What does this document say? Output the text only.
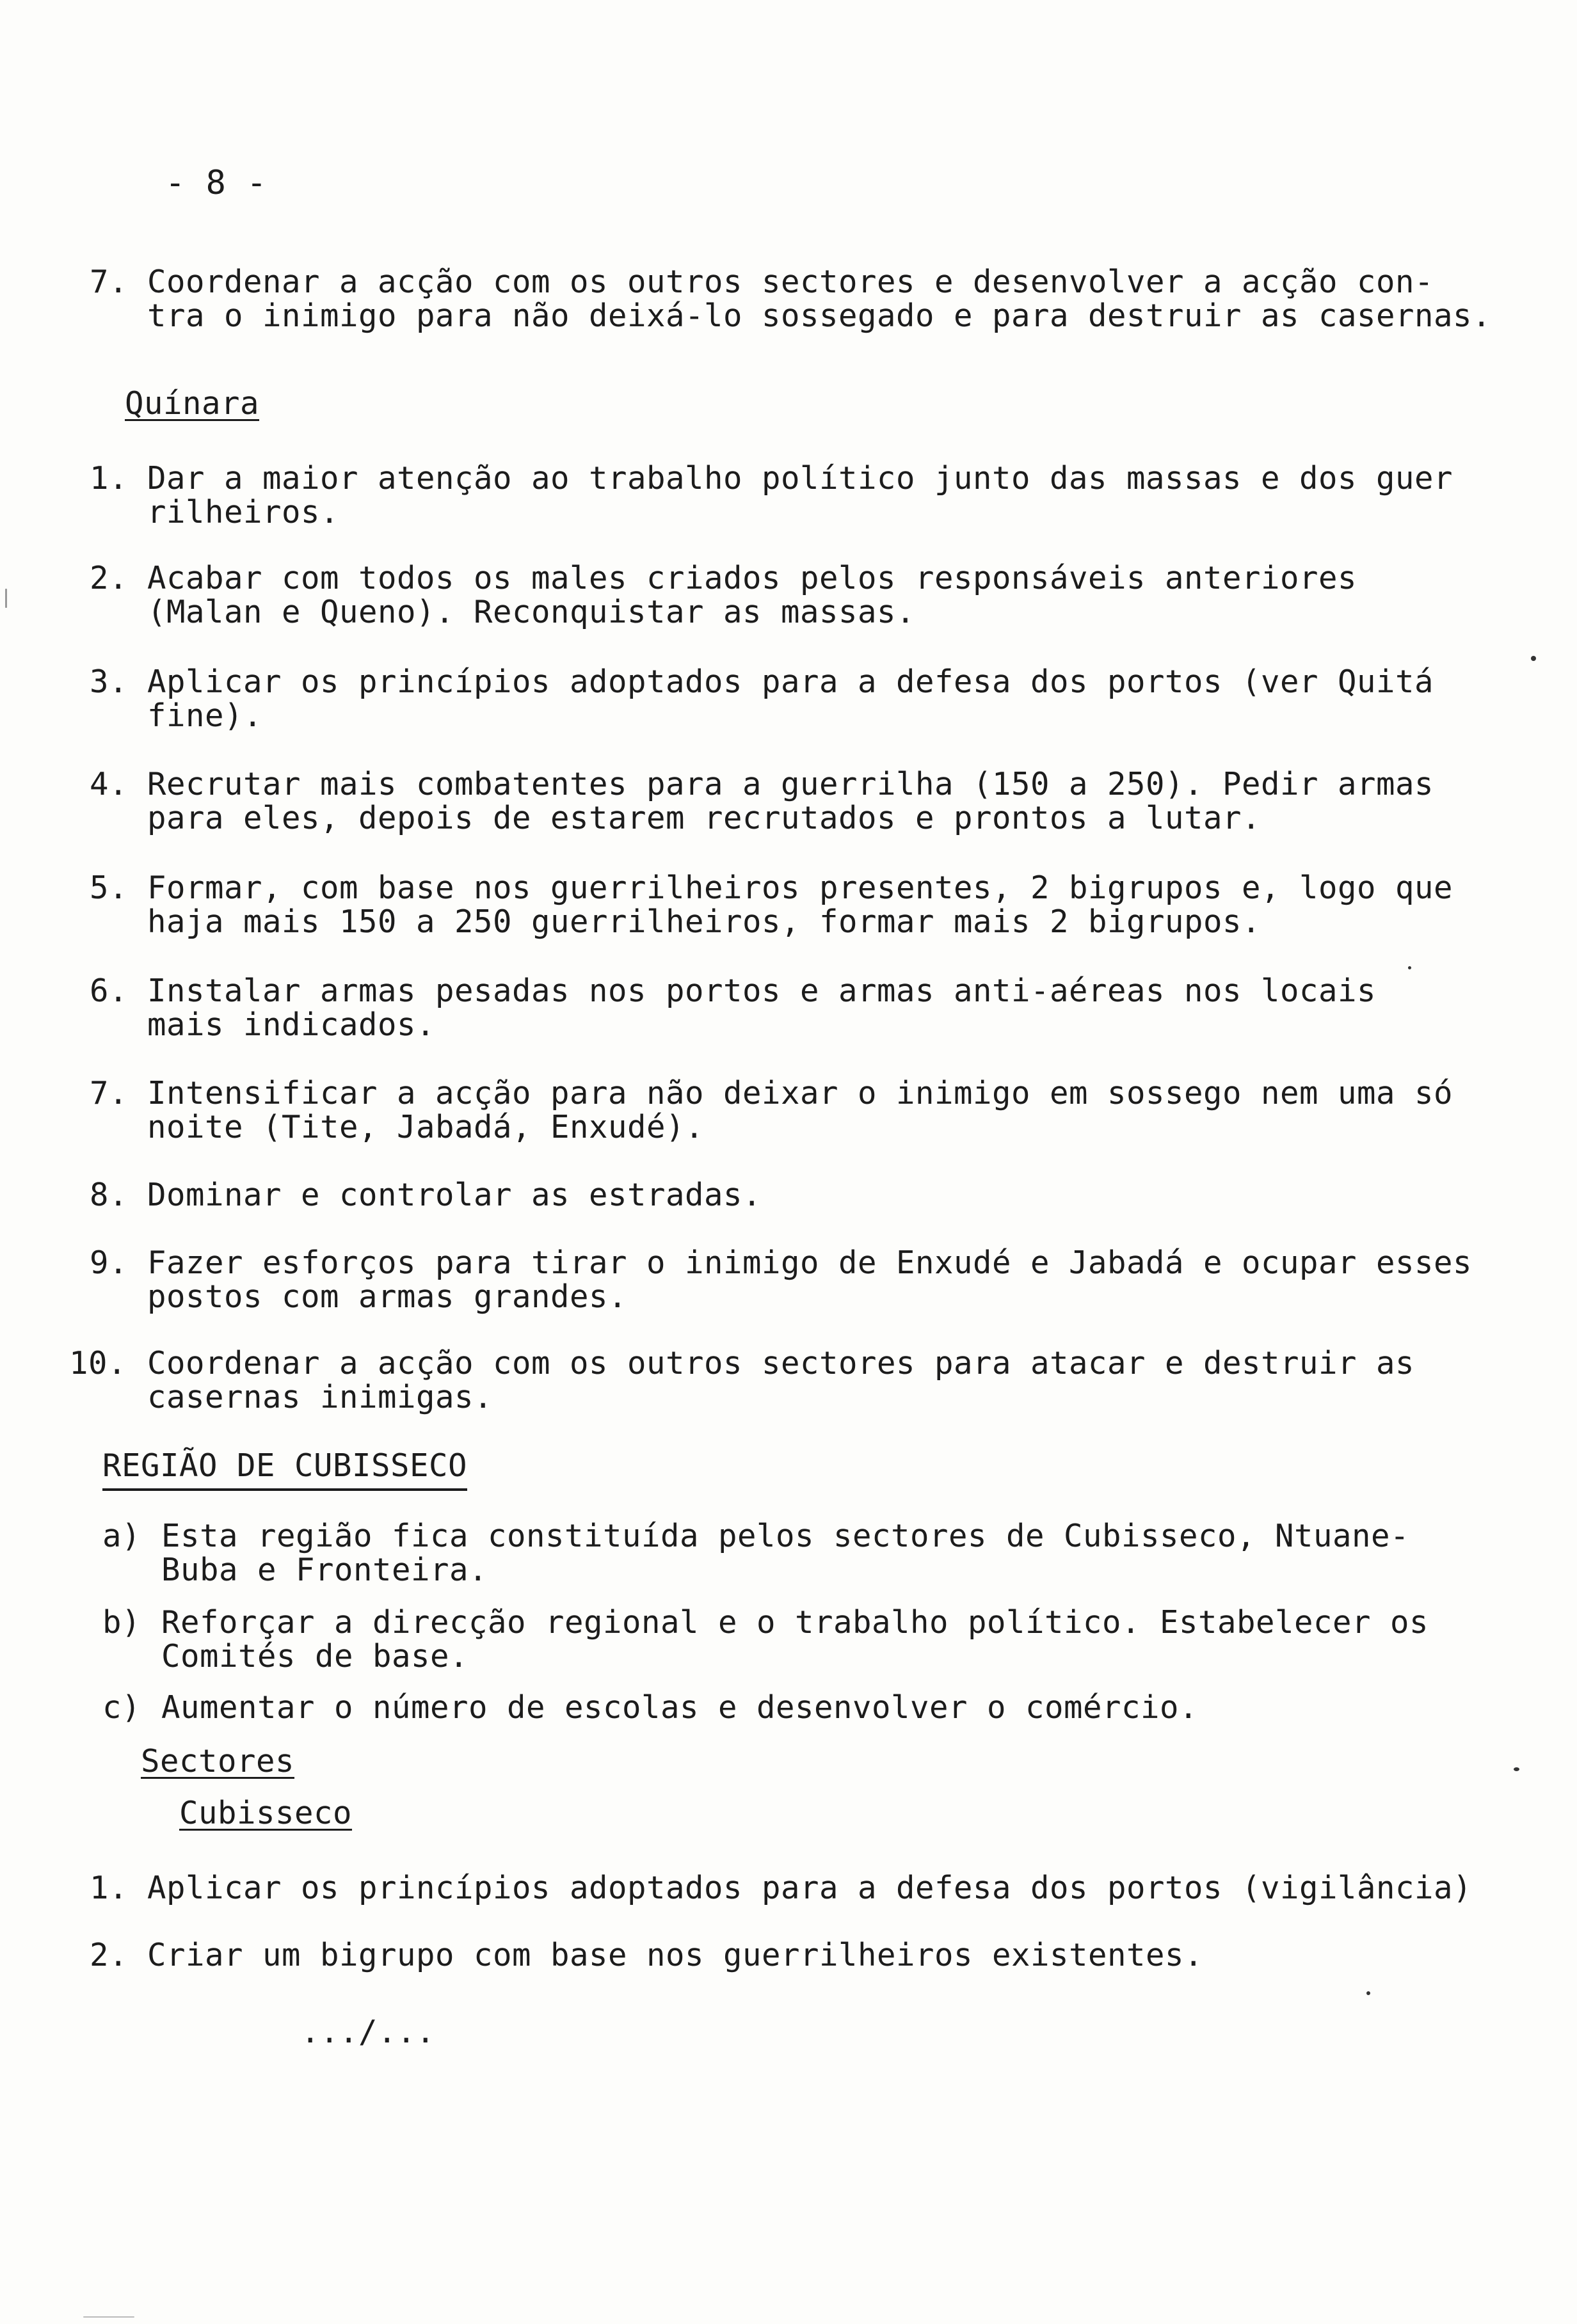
- 8 -
7. Coordenar a acção com os outros sectores e desenvolver a acção con-
tra o inimigo para não deixá-lo sossegado e para destruir as casernas.
Quínara
1. Dar a maior atenção ao trabalho político junto das massas e dos guer
rilheiros.
2. Acabar com todos os males criados pelos responsáveis anteriores
(Malan e Queno). Reconquistar as massas.
3. Aplicar os princípios adoptados para a defesa dos portos (ver Quitá
fine).
4. Recrutar mais combatentes para a guerrilha (150 a 250). Pedir armas
para eles, depois de estarem recrutados e prontos a lutar.
5. Formar, com base nos guerrilheiros presentes, 2 bigrupos e, logo que
haja mais 150 a 250 guerrilheiros, formar mais 2 bigrupos.
6. Instalar armas pesadas nos portos e armas anti-aéreas nos locais
mais indicados.
7. Intensificar a acção para não deixar o inimigo em sossego nem uma só
noite (Tite, Jabadá, Enxudé).
8. Dominar e controlar as estradas.
9. Fazer esforços para tirar o inimigo de Enxudé e Jabadá e ocupar esses
postos com armas grandes.
10. Coordenar a acção com os outros sectores para atacar e destruir as
casernas inimigas.
REGIÃO DE CUBISSECO
a) Esta região fica constituída pelos sectores de Cubisseco, Ntuane-
Buba e Fronteira.
b) Reforçar a direcção regional e o trabalho político. Estabelecer os
Comités de base.
c) Aumentar o número de escolas e desenvolver o comércio.
Sectores
Cubisseco
1. Aplicar os princípios adoptados para a defesa dos portos (vigilância)
2. Criar um bigrupo com base nos guerrilheiros existentes.
.../...
